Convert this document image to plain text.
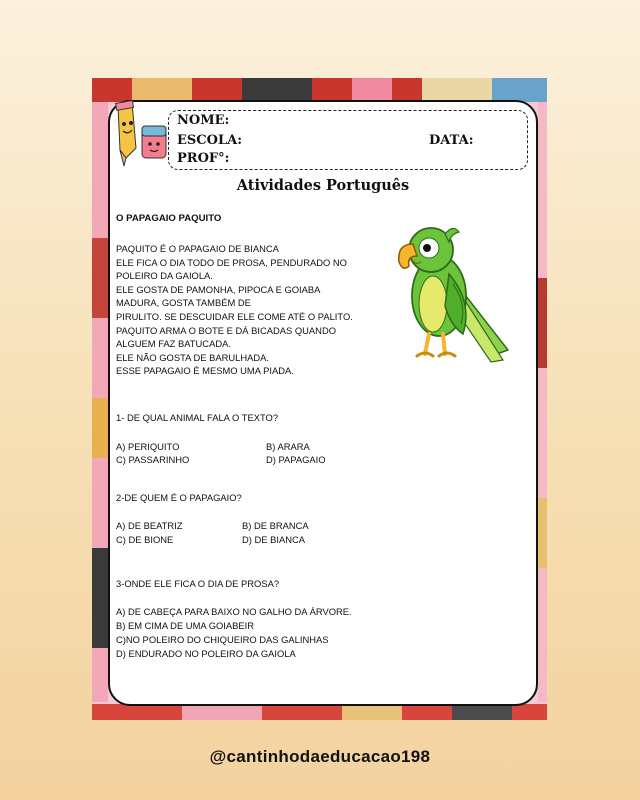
NOME:
ESCOLA:	DATA:
PROF°:
Atividades Português
O PAPAGAIO PAQUITO

PAQUITO É O PAPAGAIO DE BIANCA

ELE FICA O DIA TODO DE PROSA, PENDURADO NO

POLEIRO DA GAIOLA.

ELE GOSTA DE PAMONHA, PIPOCA E GOIABA

MADURA, GOSTA TAMBÉM DE

PIRULITO. SE DESCUIDAR ELE COME ATÉ O PALITO.

PAQUITO ARMA O BOTE E DÁ BICADAS QUANDO

ALGUEM FAZ BATUCADA.

ELE NÃO GOSTA DE BARULHADA.

ESSE PAPAGAIO É MESMO UMA PIADA.

1- DE QUAL ANIMAL FALA O TEXTO?
A) PERIQUITO	B) ARARA
C) PASSARINHO	D) PAPAGAIO
2-DE QUEM É O PAPAGAIO?
A) DE BEATRIZ	B) DE BRANCA
C) DE BIONE	D) DE BIANCA
3-ONDE ELE FICA O DIA DE PROSA?
A) DE CABEÇA PARA BAIXO NO GALHO DA ÁRVORE.
B) EM CIMA DE UMA GOIABEIR
C)NO POLEIRO DO CHIQUEIRO DAS GALINHAS
D) ENDURADO NO POLEIRO DA GAIOLA
@cantinhodaeducacao198
